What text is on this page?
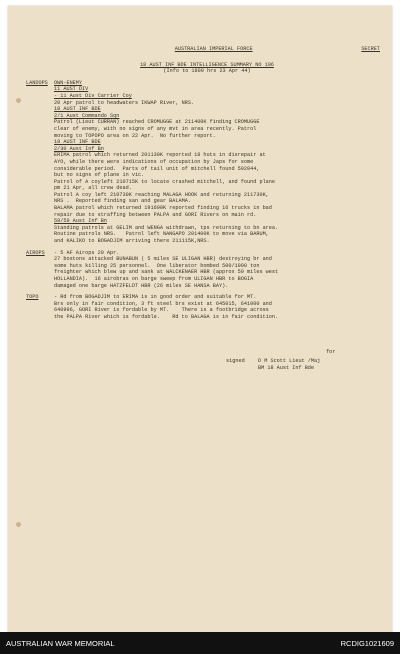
AUSTRALIAN IMPERIAL FORCE	SECRET
18 AUST INF BDE INTELLIGENCE SUMMARY NO 106
(Info to 1800 hrs 23 Apr 44)
LANDOPS	OWN-ENEMY
11 AUST DIV
- 11 Aust Div Carrier Coy
20 Apr patrol to headwaters IKWAP River, NRS.
18 AUST INF BDE
2/1 Aust Commando Sqn
Patrol (Lieut CURRAN) reached CROMUGGE at 211400K finding CROMUGGE
clear of enemy, with no signs of any mvt in area recently. Patrol
moving to TOPOPO area on 22 Apr.  No further report.
18 AUST INF BDE
2/30 Aust Inf Bn
ERIMA patrol which returned 201130K reported 18 huts in disrepair at
AYO, while there were indications of occupation by Japs for some
considerable period.  Parts of tail unit of mitchell found 592044,
but no signs of plane in vic.
Patrol of A coyleft 210715K to locate crashed mitchell, and found plane
pm 21 Apr, all crew dead.
Patrol A coy left 210730K reaching MALAGA HOOK and returning 211730K,
NRS .  Reported finding san and gear BALAMA.
BALAMA patrol which returned 191600K reported finding 16 trucks in bad
repair due to straffing between PALPA and GORI Rivers on main rd.
58/59 Aust Inf Bn
Standing patrols at GELIM and WENGA withdrawn, tps returning to bn area.
Routine patrols NRS.   Patrol left NANGAPO 201400K to move via BARUM,
and KALIKO to BOGADJIM arriving there 211115K,NRS.
AIROPS	- 5 AF Airops 20 Apr.
27 bostons attacked BUNABUN ( 5 miles SE ULIGAN HBR) destroying br and
some huts killing 25 personnel.  One liberator bombed 500/1000 ton
freighter which blew up and sank at WALCKENAER HBR (approx 50 miles west
HOLLANDIA).  16 airobras on barge sweep from ULIGAN HBR to BOGIA
damaged one barge HATZFELDT HBR (26 miles SE HANSA BAY).
TOPO	- Rd from BOGADJIM to ERIMA is in good order and suitable for MT.
Brs only in fair condition, 3 ft steel brs exist at 645015, 641000 and
640996, GORI River is fordable by MT.    There is a footbridge across
the PALPA River which is fordable.    Rd to BALAGA is in fair condition.
for
signed	D M Scott Lieut /Maj
BM 18 Aust Inf Bde
AUSTRALIAN WAR MEMORIAL	RCDIG1021609
